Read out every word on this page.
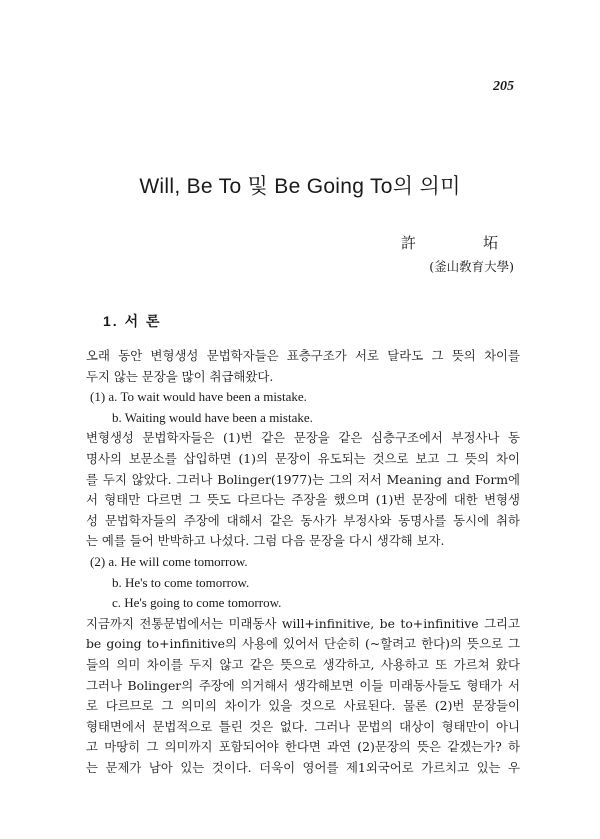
205
Will, Be To 및 Be Going To의 의미
許	坧
(釜山敎育大學)
1. 서 론

오래 동안 변형생성 문법학자들은 표층구조가 서로 달라도 그 뜻의 차이를

두지 않는 문장을 많이 취급해왔다.

(1) a. To wait would have been a mistake.

b. Waiting would have been a mistake.

변형생성 문법학자들은 (1)번 같은 문장을 같은 심층구조에서 부정사나 동

명사의 보문소를 삽입하면 (1)의 문장이 유도되는 것으로 보고 그 뜻의 차이

를 두지 않았다. 그러나 Bolinger(1977)는 그의 저서 Meaning and Form에

서 형태만 다르면 그 뜻도 다르다는 주장을 했으며 (1)번 문장에 대한 변형생

성 문법학자들의 주장에 대해서 같은 동사가 부정사와 동명사를 동시에 취하

는 예를 들어 반박하고 나섰다. 그럼 다음 문장을 다시 생각해 보자.

(2) a. He will come tomorrow.

b. He's to come tomorrow.

c. He's going to come tomorrow.

지금까지 전통문법에서는 미래동사 will+infinitive, be to+infinitive 그리고

be going to+infinitive의 사용에 있어서 단순히 (~할려고 한다)의 뜻으로 그

들의 의미 차이를 두지 않고 같은 뜻으로 생각하고, 사용하고 또 가르쳐 왔다

그러나 Bolinger의 주장에 의거해서 생각해보면 이들 미래동사들도 형태가 서

로 다르므로 그 의미의 차이가 있을 것으로 사료된다. 물론 (2)번 문장들이

형태면에서 문법적으로 틀린 것은 없다. 그러나 문법의 대상이 형태만이 아니

고 마땅히 그 의미까지 포함되어야 한다면 과연 (2)문장의 뜻은 같겠는가? 하

는 문제가 남아 있는 것이다. 더욱이 영어를 제1외국어로 가르치고 있는 우
